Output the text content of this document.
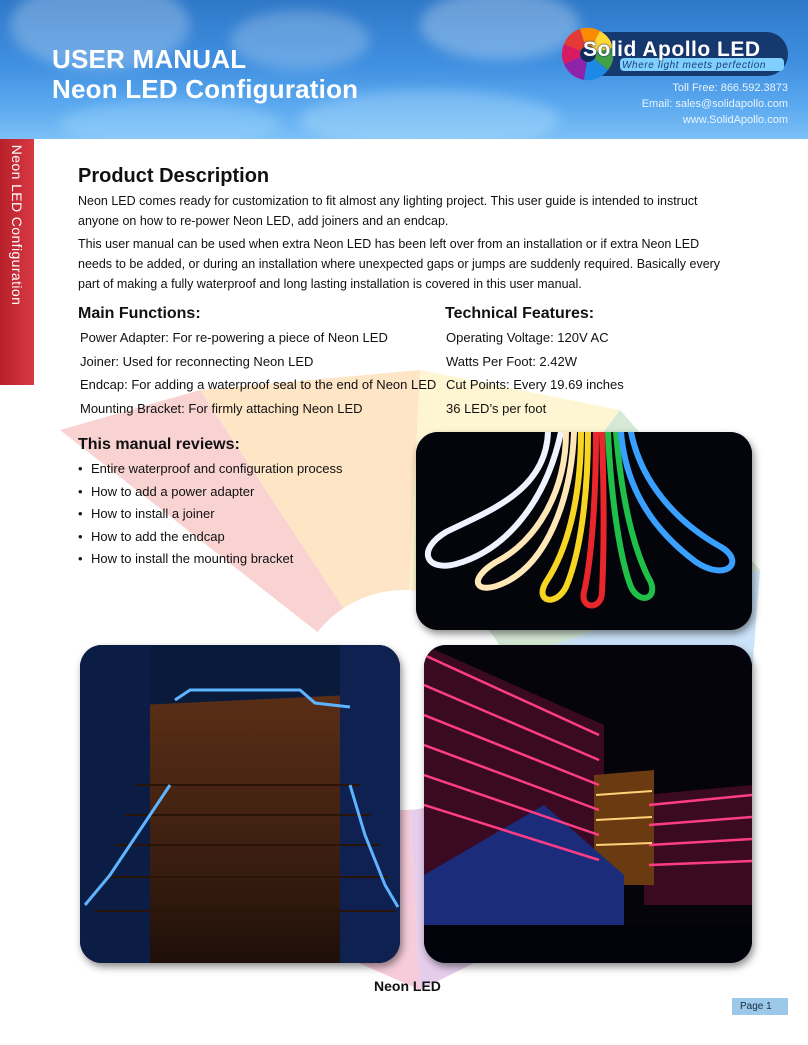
USER MANUAL
Neon LED Configuration
Solid Apollo LED
Where light meets perfection
Toll Free: 866.592.3873
Email: sales@solidapollo.com
www.SolidApollo.com
Neon LED Configuration	Product Description

Neon LED comes ready for customization to fit almost any lighting project. This user guide is intended to instruct anyone on how to re-power Neon LED, add joiners and an endcap.

This user manual can be used when extra Neon LED has been left over from an installation or if extra Neon LED needs to be added, or during an installation where unexpected gaps or jumps are suddenly required. Basically every part of making a fully waterproof and long lasting installation is covered in this user manual.

Main Functions:
Power Adapter: For re-powering a piece of Neon LED
Joiner: Used for reconnecting Neon LED
Endcap: For adding a waterproof seal to the end of Neon LED
Mounting Bracket: For firmly attaching Neon LED
Technical Features:
Operating Voltage: 120V AC
Watts Per Foot: 2.42W
Cut Points: Every 19.69 inches
36 LED’s per foot
This manual reviews:
• Entire waterproof and configuration process
• How to add a power adapter
• How to install a joiner
• How to add the endcap
• How to install the mounting bracket
Neon LED
Page 1
